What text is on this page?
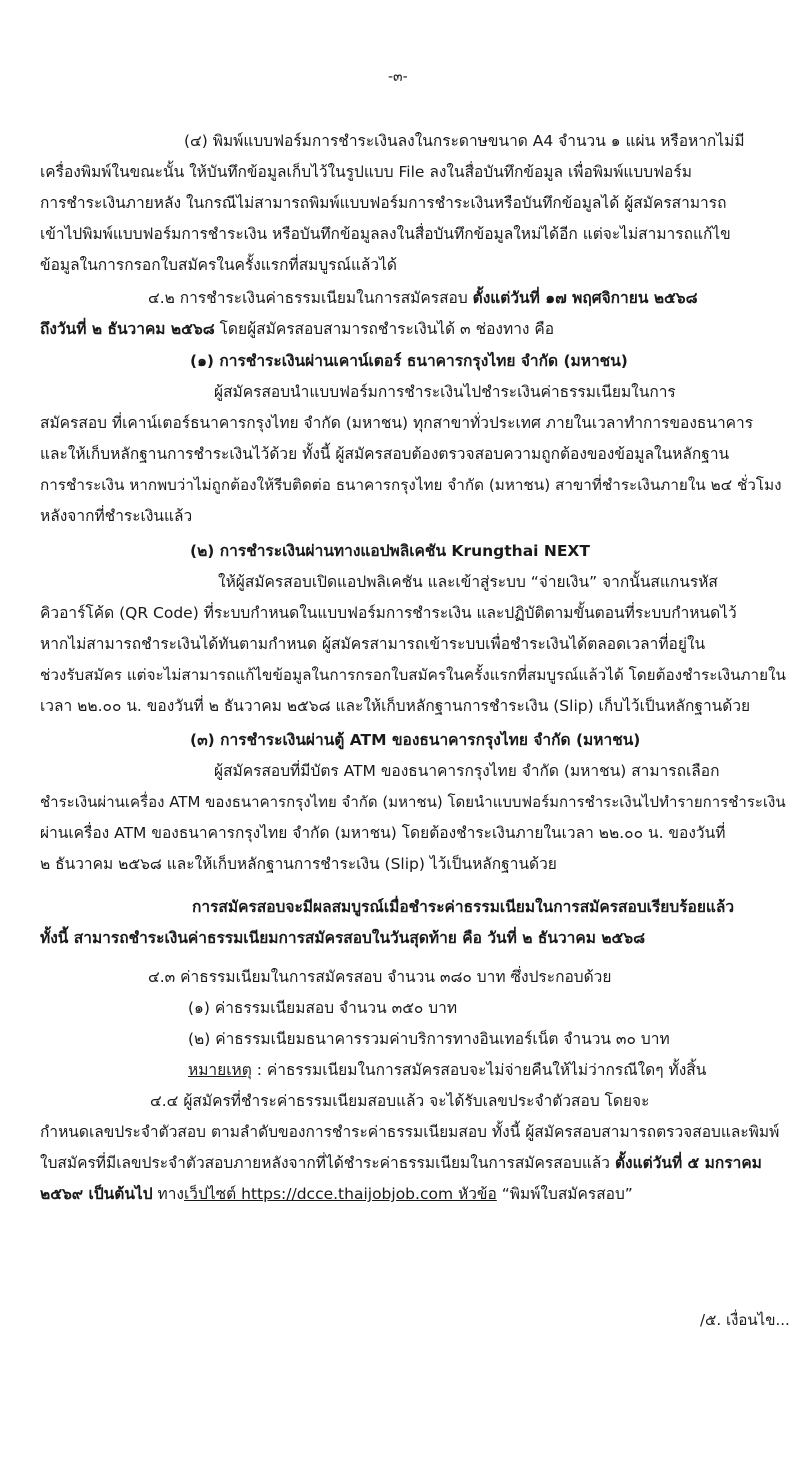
-๓-
(๔) พิมพ์แบบฟอร์มการชำระเงินลงในกระดาษขนาด A4 จำนวน ๑ แผ่น หรือหากไม่มี
เครื่องพิมพ์ในขณะนั้น ให้บันทึกข้อมูลเก็บไว้ในรูปแบบ File ลงในสื่อบันทึกข้อมูล เพื่อพิมพ์แบบฟอร์ม
การชำระเงินภายหลัง ในกรณีไม่สามารถพิมพ์แบบฟอร์มการชำระเงินหรือบันทึกข้อมูลได้ ผู้สมัครสามารถ
เข้าไปพิมพ์แบบฟอร์มการชำระเงิน หรือบันทึกข้อมูลลงในสื่อบันทึกข้อมูลใหม่ได้อีก แต่จะไม่สามารถแก้ไข
ข้อมูลในการกรอกใบสมัครในครั้งแรกที่สมบูรณ์แล้วได้
๔.๒ การชำระเงินค่าธรรมเนียมในการสมัครสอบ ตั้งแต่วันที่ ๑๗ พฤศจิกายน ๒๕๖๘
ถึงวันที่ ๒ ธันวาคม ๒๕๖๘ โดยผู้สมัครสอบสามารถชำระเงินได้ ๓ ช่องทาง คือ
(๑) การชำระเงินผ่านเคาน์เตอร์ ธนาคารกรุงไทย จำกัด (มหาชน)
ผู้สมัครสอบนำแบบฟอร์มการชำระเงินไปชำระเงินค่าธรรมเนียมในการ
สมัครสอบ ที่เคาน์เตอร์ธนาคารกรุงไทย จำกัด (มหาชน) ทุกสาขาทั่วประเทศ ภายในเวลาทำการของธนาคาร
และให้เก็บหลักฐานการชำระเงินไว้ด้วย ทั้งนี้ ผู้สมัครสอบต้องตรวจสอบความถูกต้องของข้อมูลในหลักฐาน
การชำระเงิน หากพบว่าไม่ถูกต้องให้รีบติดต่อ ธนาคารกรุงไทย จำกัด (มหาชน) สาขาที่ชำระเงินภายใน ๒๔ ชั่วโมง
หลังจากที่ชำระเงินแล้ว
(๒) การชำระเงินผ่านทางแอปพลิเคชัน Krungthai NEXT
ให้ผู้สมัครสอบเปิดแอปพลิเคชัน และเข้าสู่ระบบ “จ่ายเงิน” จากนั้นสแกนรหัส
คิวอาร์โค้ด (QR Code) ที่ระบบกำหนดในแบบฟอร์มการชำระเงิน และปฏิบัติตามขั้นตอนที่ระบบกำหนดไว้
หากไม่สามารถชำระเงินได้ทันตามกำหนด ผู้สมัครสามารถเข้าระบบเพื่อชำระเงินได้ตลอดเวลาที่อยู่ใน
ช่วงรับสมัคร แต่จะไม่สามารถแก้ไขข้อมูลในการกรอกใบสมัครในครั้งแรกที่สมบูรณ์แล้วได้ โดยต้องชำระเงินภายใน
เวลา ๒๒.๐๐ น. ของวันที่ ๒ ธันวาคม ๒๕๖๘ และให้เก็บหลักฐานการชำระเงิน (Slip) เก็บไว้เป็นหลักฐานด้วย
(๓) การชำระเงินผ่านตู้ ATM ของธนาคารกรุงไทย จำกัด (มหาชน)
ผู้สมัครสอบที่มีบัตร ATM ของธนาคารกรุงไทย จำกัด (มหาชน) สามารถเลือก
ชำระเงินผ่านเครื่อง ATM ของธนาคารกรุงไทย จำกัด (มหาชน) โดยนำแบบฟอร์มการชำระเงินไปทำรายการชำระเงิน
ผ่านเครื่อง ATM ของธนาคารกรุงไทย จำกัด (มหาชน) โดยต้องชำระเงินภายในเวลา ๒๒.๐๐ น. ของวันที่
๒ ธันวาคม ๒๕๖๘ และให้เก็บหลักฐานการชำระเงิน (Slip) ไว้เป็นหลักฐานด้วย
การสมัครสอบจะมีผลสมบูรณ์เมื่อชำระค่าธรรมเนียมในการสมัครสอบเรียบร้อยแล้ว
ทั้งนี้ สามารถชำระเงินค่าธรรมเนียมการสมัครสอบในวันสุดท้าย คือ วันที่ ๒ ธันวาคม ๒๕๖๘
๔.๓ ค่าธรรมเนียมในการสมัครสอบ จำนวน ๓๘๐ บาท ซึ่งประกอบด้วย
(๑) ค่าธรรมเนียมสอบ จำนวน ๓๕๐ บาท
(๒) ค่าธรรมเนียมธนาคารรวมค่าบริการทางอินเทอร์เน็ต จำนวน ๓๐ บาท
หมายเหตุ : ค่าธรรมเนียมในการสมัครสอบจะไม่จ่ายคืนให้ไม่ว่ากรณีใดๆ ทั้งสิ้น
๔.๔ ผู้สมัครที่ชำระค่าธรรมเนียมสอบแล้ว จะได้รับเลขประจำตัวสอบ โดยจะ
กำหนดเลขประจำตัวสอบ ตามลำดับของการชำระค่าธรรมเนียมสอบ ทั้งนี้ ผู้สมัครสอบสามารถตรวจสอบและพิมพ์
ใบสมัครที่มีเลขประจำตัวสอบภายหลังจากที่ได้ชำระค่าธรรมเนียมในการสมัครสอบแล้ว ตั้งแต่วันที่ ๕ มกราคม
๒๕๖๙ เป็นต้นไป ทางเว็ปไซต์ https://dcce.thaijobjob.com หัวข้อ “พิมพ์ใบสมัครสอบ”
/๕. เงื่อนไข...
